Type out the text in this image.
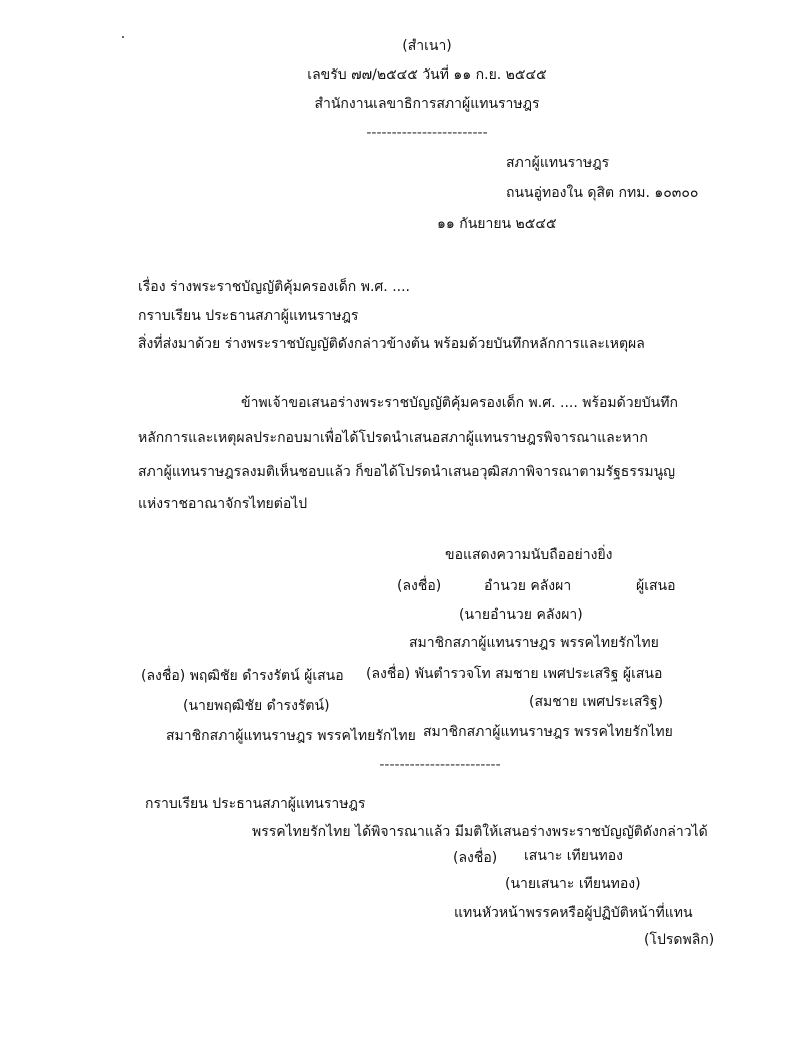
(สำเนา)
เลขรับ ๗๗/๒๕๔๕ วันที่ ๑๑ ก.ย. ๒๕๔๕
สำนักงานเลขาธิการสภาผู้แทนราษฎร
------------------------
สภาผู้แทนราษฎร
ถนนอู่ทองใน ดุสิต กทม. ๑๐๓๐๐
๑๑ กันยายน ๒๕๔๕
เรื่อง ร่างพระราชบัญญัติคุ้มครองเด็ก พ.ศ. ....
กราบเรียน ประธานสภาผู้แทนราษฎร
สิ่งที่ส่งมาด้วย ร่างพระราชบัญญัติดังกล่าวข้างต้น พร้อมด้วยบันทึกหลักการและเหตุผล
ข้าพเจ้าขอเสนอร่างพระราชบัญญัติคุ้มครองเด็ก พ.ศ. .... พร้อมด้วยบันทึก
หลักการและเหตุผลประกอบมาเพื่อได้โปรดนำเสนอสภาผู้แทนราษฎรพิจารณาและหาก
สภาผู้แทนราษฎรลงมติเห็นชอบแล้ว ก็ขอได้โปรดนำเสนอวุฒิสภาพิจารณาตามรัฐธรรมนูญ
แห่งราชอาณาจักรไทยต่อไป
ขอแสดงความนับถืออย่างยิ่ง
(ลงชื่อ)	อำนวย คลังผา	ผู้เสนอ
(นายอำนวย คลังผา)
สมาชิกสภาผู้แทนราษฎร พรรคไทยรักไทย
(ลงชื่อ) พฤฒิชัย ดำรงรัตน์ ผู้เสนอ (ลงชื่อ) พันตำรวจโท สมชาย เพศประเสริฐ ผู้เสนอ
(นายพฤฒิชัย ดำรงรัตน์)	(สมชาย เพศประเสริฐ)
สมาชิกสภาผู้แทนราษฎร พรรคไทยรักไทย สมาชิกสภาผู้แทนราษฎร พรรคไทยรักไทย
------------------------
กราบเรียน ประธานสภาผู้แทนราษฎร
พรรคไทยรักไทย ได้พิจารณาแล้ว มีมติให้เสนอร่างพระราชบัญญัติดังกล่าวได้
(ลงชื่อ) เสนาะ เทียนทอง
(นายเสนาะ เทียนทอง)
แทนหัวหน้าพรรคหรือผู้ปฏิบัติหน้าที่แทน
(โปรดพลิก)
